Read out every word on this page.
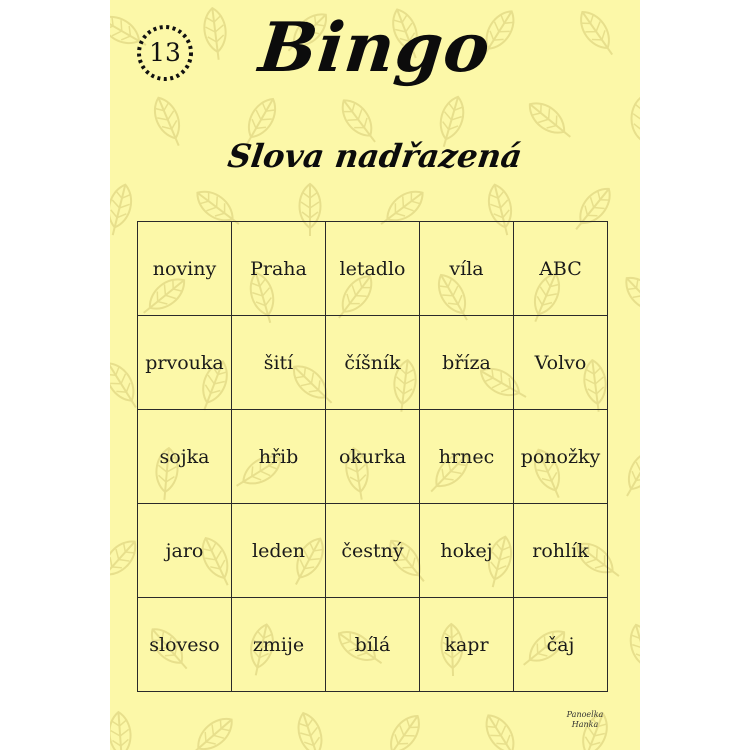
13	Bingo
Slova nadřazená
noviny	Praha	letadlo	víla	ABC
prvouka	šití	číšník	bříza	Volvo
sojka	hřib	okurka	hrnec	ponožky
jaro	leden	čestný	hokej	rohlík
sloveso	zmije	bílá	kapr	čaj
Panoelka
Hanka
